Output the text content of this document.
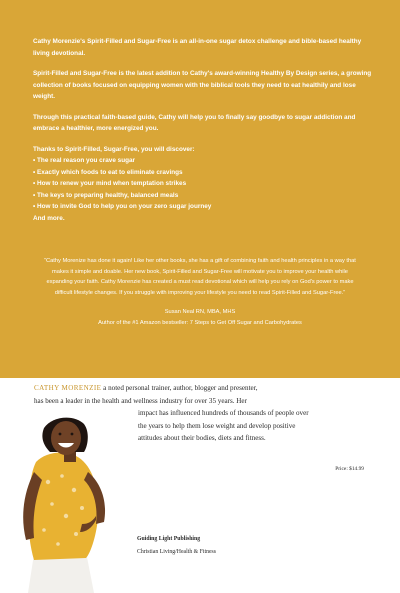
Cathy Morenzie's Spirit-Filled and Sugar-Free is an all-in-one sugar detox challenge and bible-based healthy living devotional.

Spirit-Filled and Sugar-Free is the latest addition to Cathy's award-winning Healthy By Design series, a growing collection of books focused on equipping women with the biblical tools they need to eat healthily and lose weight.

Through this practical faith-based guide, Cathy will help you to finally say goodbye to sugar addiction and embrace a healthier, more energized you.

Thanks to Spirit-Filled, Sugar-Free, you will discover:
• The real reason you crave sugar
• Exactly which foods to eat to eliminate cravings
• How to renew your mind when temptation strikes
• The keys to preparing healthy, balanced meals
• How to invite God to help you on your zero sugar journey
And more.

“Cathy Morenize has done it again! Like her other books, she has a gift of combining faith and health principles in a way that makes it simple and doable. Her new book, Spirit-Filled and Sugar-Free will motivate you to improve your health while expanding your faith. Cathy Morenzie has created a must read devotional which will help you rely on God's power to make difficult lifestyle changes. If you struggle with improving your lifestyle you need to read Spirit-Filled and Sugar-Free.”

Susan Neal RN, MBA, MHS

Author of the #1 Amazon bestseller: 7 Steps to Get Off Sugar and Carbohydrates

CATHY MORENZIE a noted personal trainer, author, blogger and presenter,
has been a leader in the health and wellness industry for over 35 years. Her
impact has influenced hundreds of thousands of people over
the years to help them lose weight and develop positive
attitudes about their bodies, diets and fitness.
Price: $14.99

Guiding Light Publishing

Christian Living/Health & Fitness
